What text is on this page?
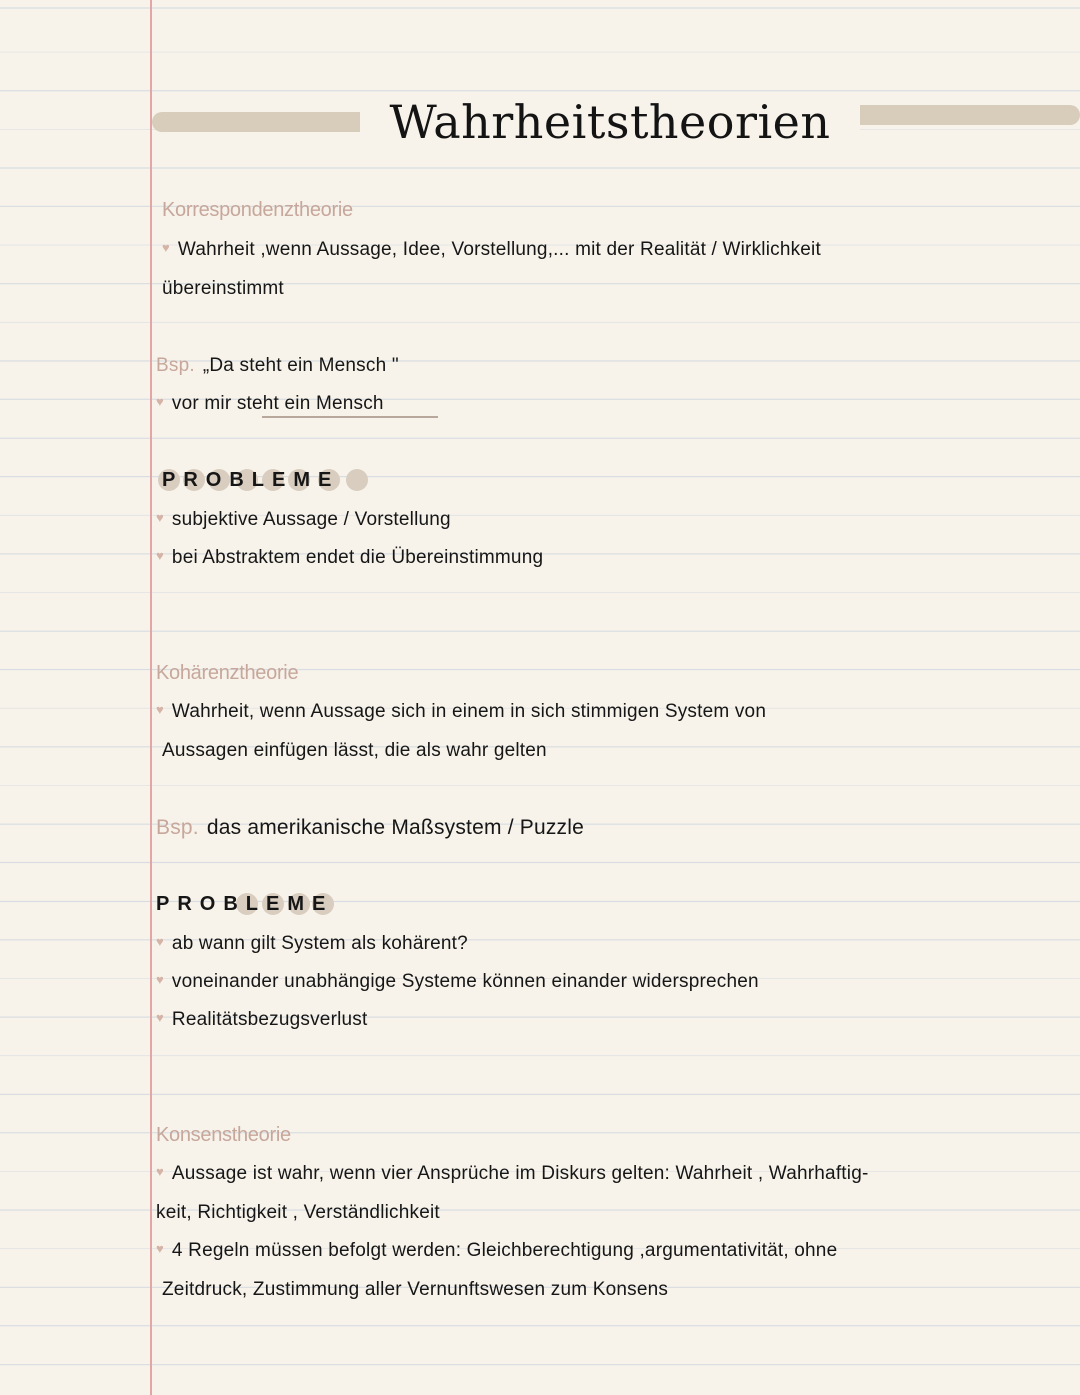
Wahrheitstheorien
Korrespondenztheorie
♥ Wahrheit ,wenn Aussage, Idee, Vorstellung,... mit der Realität / Wirklichkeit
übereinstimmt
Bsp. „Da steht ein Mensch "
♥ vor mir steht ein Mensch
PROBLEME
♥ subjektive Aussage / Vorstellung
♥ bei Abstraktem endet die Übereinstimmung
Kohärenztheorie
♥ Wahrheit, wenn Aussage sich in einem in sich stimmigen System von
Aussagen einfügen lässt, die als wahr gelten
Bsp. das amerikanische Maßsystem / Puzzle
PROBLEME
♥ ab wann gilt System als kohärent?
♥ voneinander unabhängige Systeme können einander widersprechen
♥ Realitätsbezugsverlust
Konsenstheorie
♥ Aussage ist wahr, wenn vier Ansprüche im Diskurs gelten: Wahrheit , Wahrhaftig-
keit, Richtigkeit , Verständlichkeit
♥ 4 Regeln müssen befolgt werden: Gleichberechtigung ,argumentativität, ohne
Zeitdruck, Zustimmung aller Vernunftswesen zum Konsens
